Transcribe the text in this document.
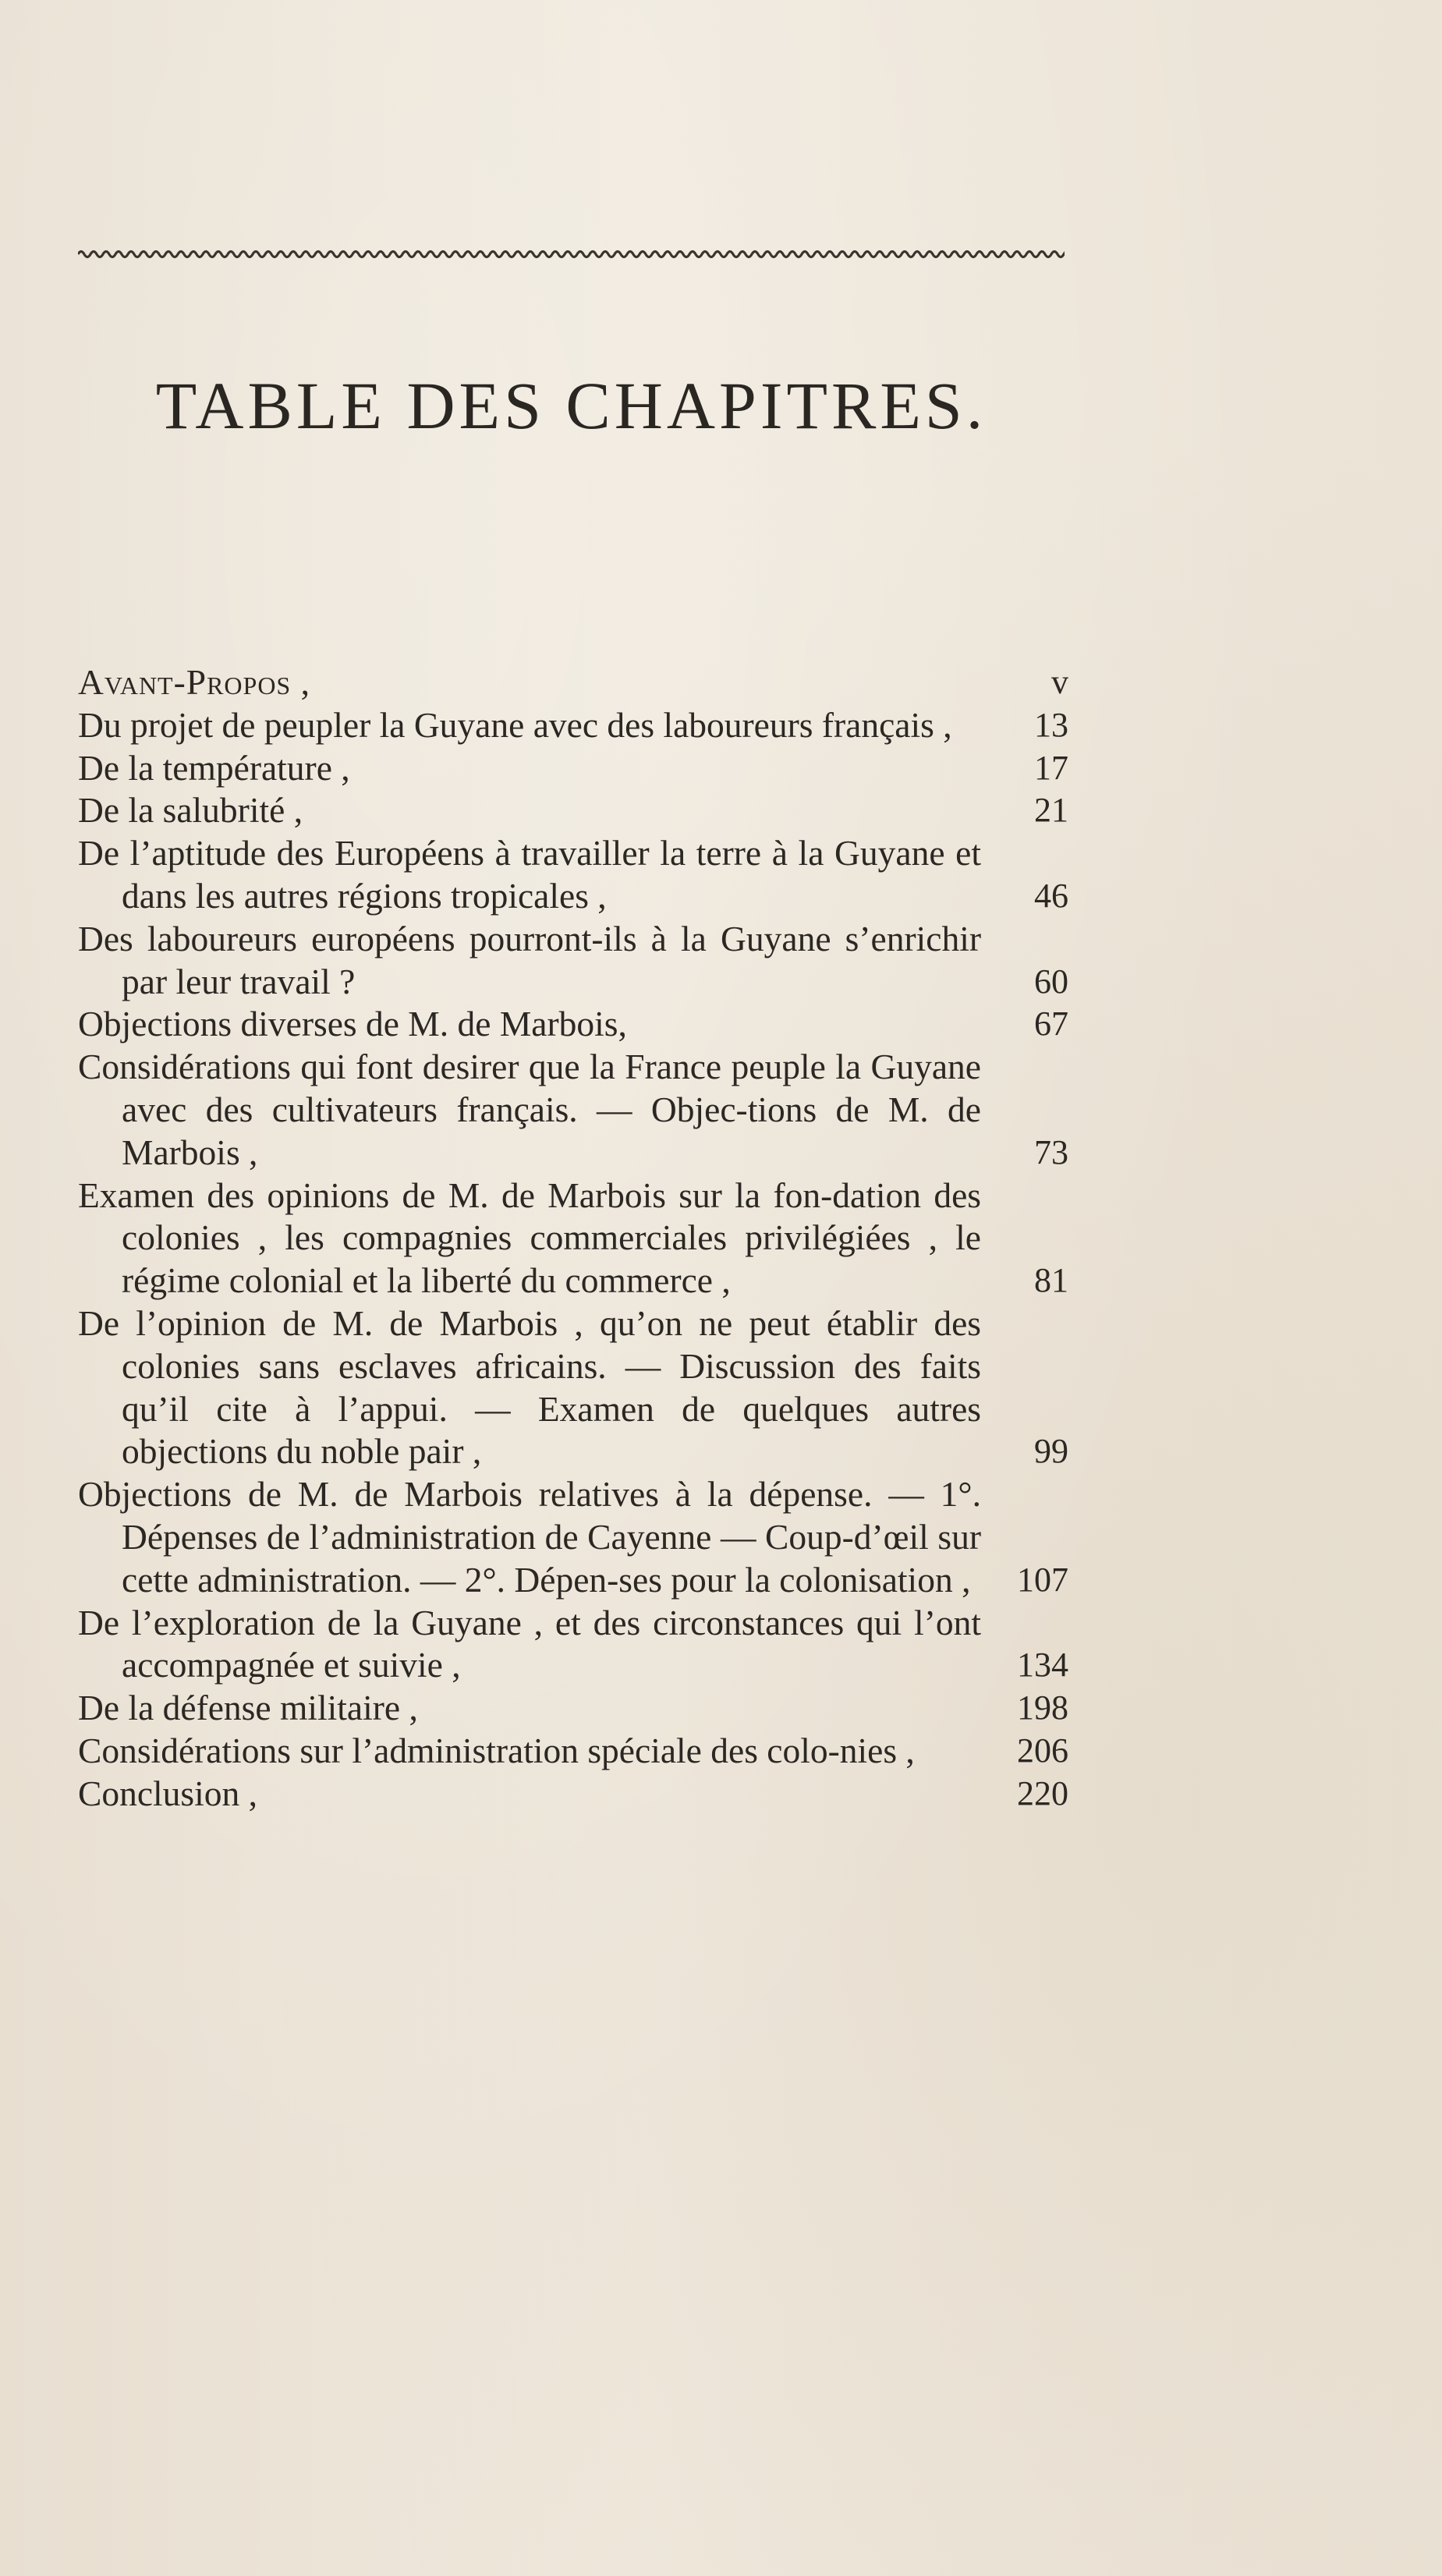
TABLE DES CHAPITRES.
Avant-Propos ,	v
Du projet de peupler la Guyane avec des laboureurs français ,	13
De la température ,	17
De la salubrité ,	21
De l’aptitude des Européens à travailler la terre à la Guyane et dans les autres régions tropicales ,	46
Des laboureurs européens pourront-ils à la Guyane s’enrichir par leur travail ?	60
Objections diverses de M. de Marbois,	67
Considérations qui font desirer que la France peuple la Guyane avec des cultivateurs français. — Objec-tions de M. de Marbois ,	73
Examen des opinions de M. de Marbois sur la fon-dation des colonies , les compagnies commerciales privilégiées , le régime colonial et la liberté du commerce ,	81
De l’opinion de M. de Marbois , qu’on ne peut établir des colonies sans esclaves africains. — Discussion des faits qu’il cite à l’appui. — Examen de quelques autres objections du noble pair ,	99
Objections de M. de Marbois relatives à la dépense. — 1°. Dépenses de l’administration de Cayenne — Coup-d’œil sur cette administration. — 2°. Dépen-ses pour la colonisation ,	107
De l’exploration de la Guyane , et des circonstances qui l’ont accompagnée et suivie ,	134
De la défense militaire ,	198
Considérations sur l’administration spéciale des colo-nies ,	206
Conclusion ,	220
